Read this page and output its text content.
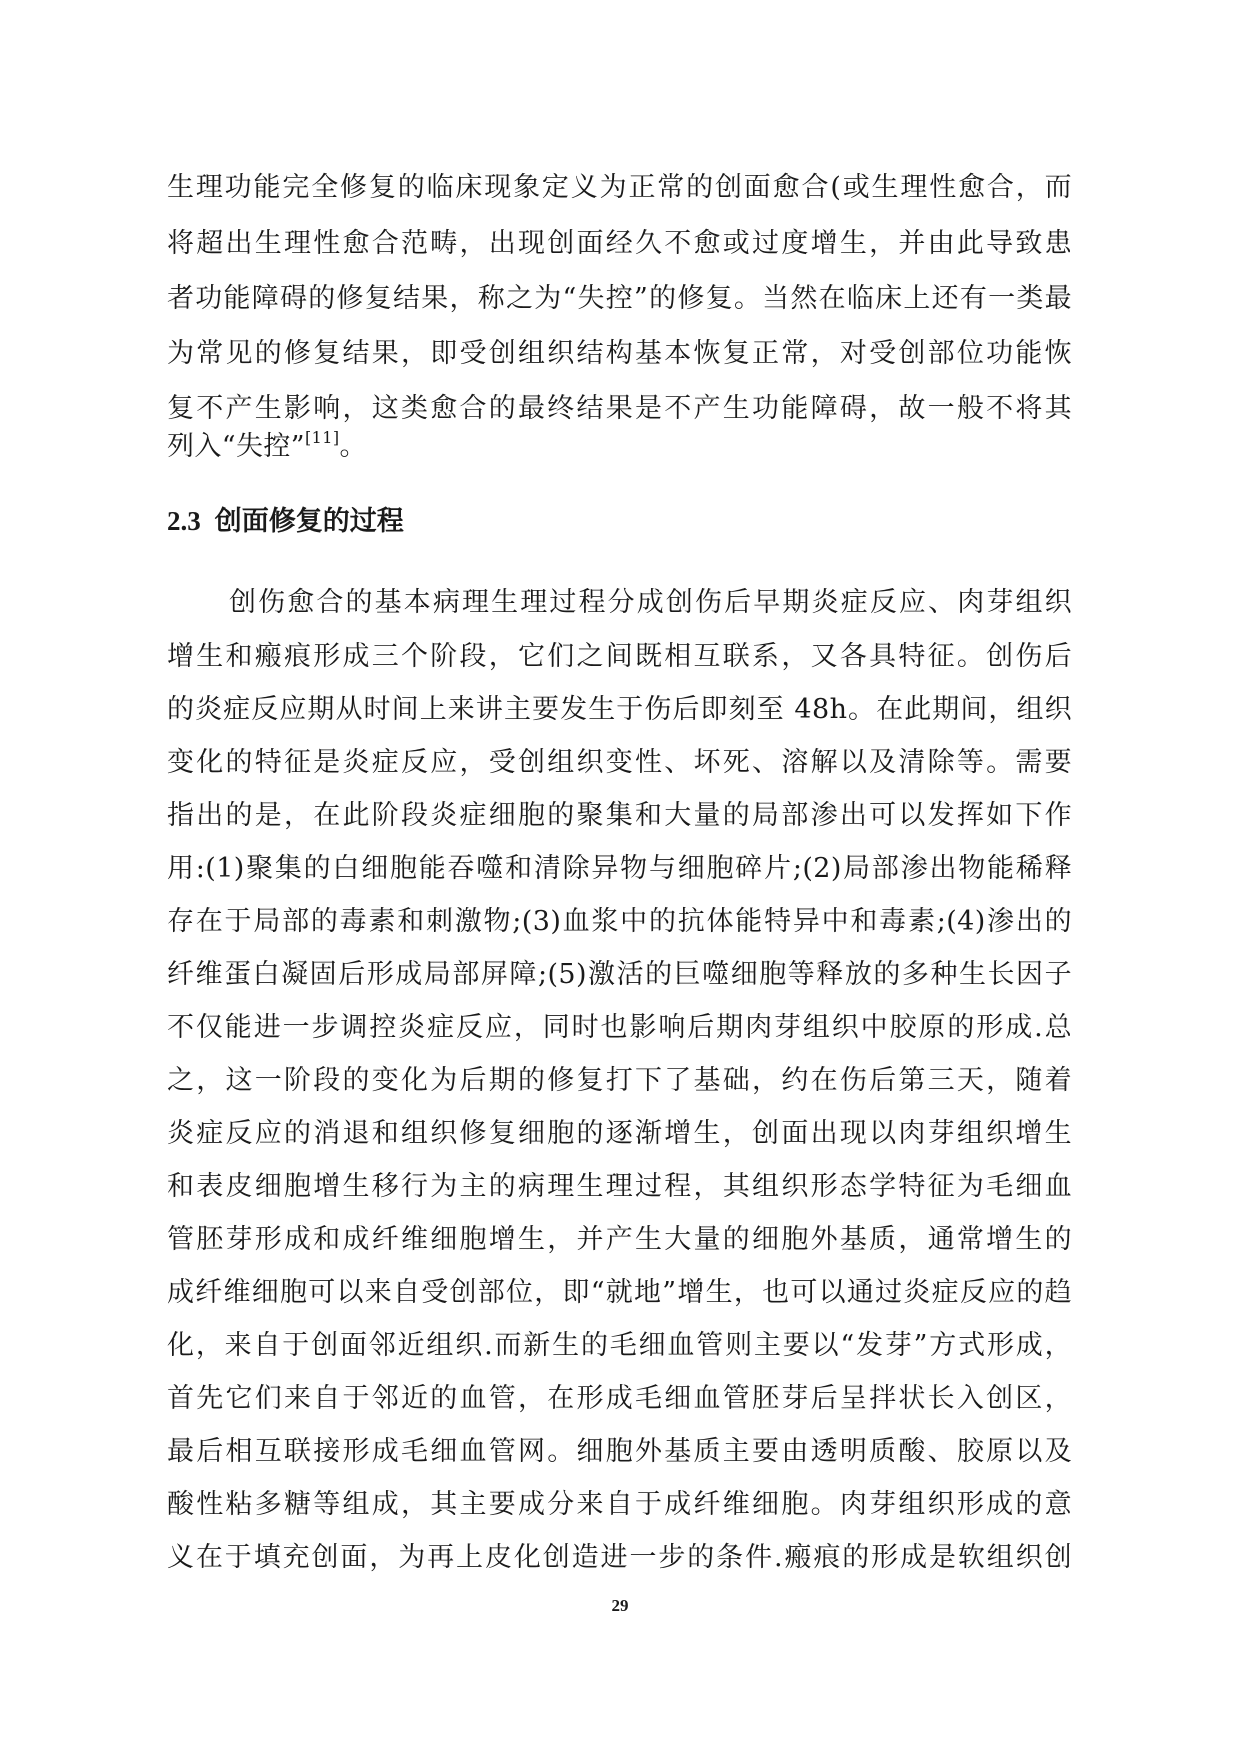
生理功能完全修复的临床现象定义为正常的创面愈合(或生理性愈合，而
将超出生理性愈合范畴，出现创面经久不愈或过度增生，并由此导致患
者功能障碍的修复结果，称之为“失控”的修复。当然在临床上还有一类最
为常见的修复结果，即受创组织结构基本恢复正常，对受创部位功能恢
复不产生影响，这类愈合的最终结果是不产生功能障碍，故一般不将其
列入“失控”[11]。
2.3 创面修复的过程
创伤愈合的基本病理生理过程分成创伤后早期炎症反应、肉芽组织
增生和瘢痕形成三个阶段，它们之间既相互联系，又各具特征。创伤后
的炎症反应期从时间上来讲主要发生于伤后即刻至 48h。在此期间，组织
变化的特征是炎症反应，受创组织变性、坏死、溶解以及清除等。需要
指出的是，在此阶段炎症细胞的聚集和大量的局部渗出可以发挥如下作
用:(1)聚集的白细胞能吞噬和清除异物与细胞碎片;(2)局部渗出物能稀释
存在于局部的毒素和刺激物;(3)血浆中的抗体能特异中和毒素;(4)渗出的
纤维蛋白凝固后形成局部屏障;(5)激活的巨噬细胞等释放的多种生长因子
不仅能进一步调控炎症反应，同时也影响后期肉芽组织中胶原的形成.总
之，这一阶段的变化为后期的修复打下了基础，约在伤后第三天，随着
炎症反应的消退和组织修复细胞的逐渐增生，创面出现以肉芽组织增生
和表皮细胞增生移行为主的病理生理过程，其组织形态学特征为毛细血
管胚芽形成和成纤维细胞增生，并产生大量的细胞外基质，通常增生的
成纤维细胞可以来自受创部位，即“就地”增生，也可以通过炎症反应的趋
化，来自于创面邻近组织.而新生的毛细血管则主要以“发芽”方式形成，
首先它们来自于邻近的血管，在形成毛细血管胚芽后呈拌状长入创区，
最后相互联接形成毛细血管网。细胞外基质主要由透明质酸、胶原以及
酸性粘多糖等组成，其主要成分来自于成纤维细胞。肉芽组织形成的意
义在于填充创面，为再上皮化创造进一步的条件.瘢痕的形成是软组织创
29
